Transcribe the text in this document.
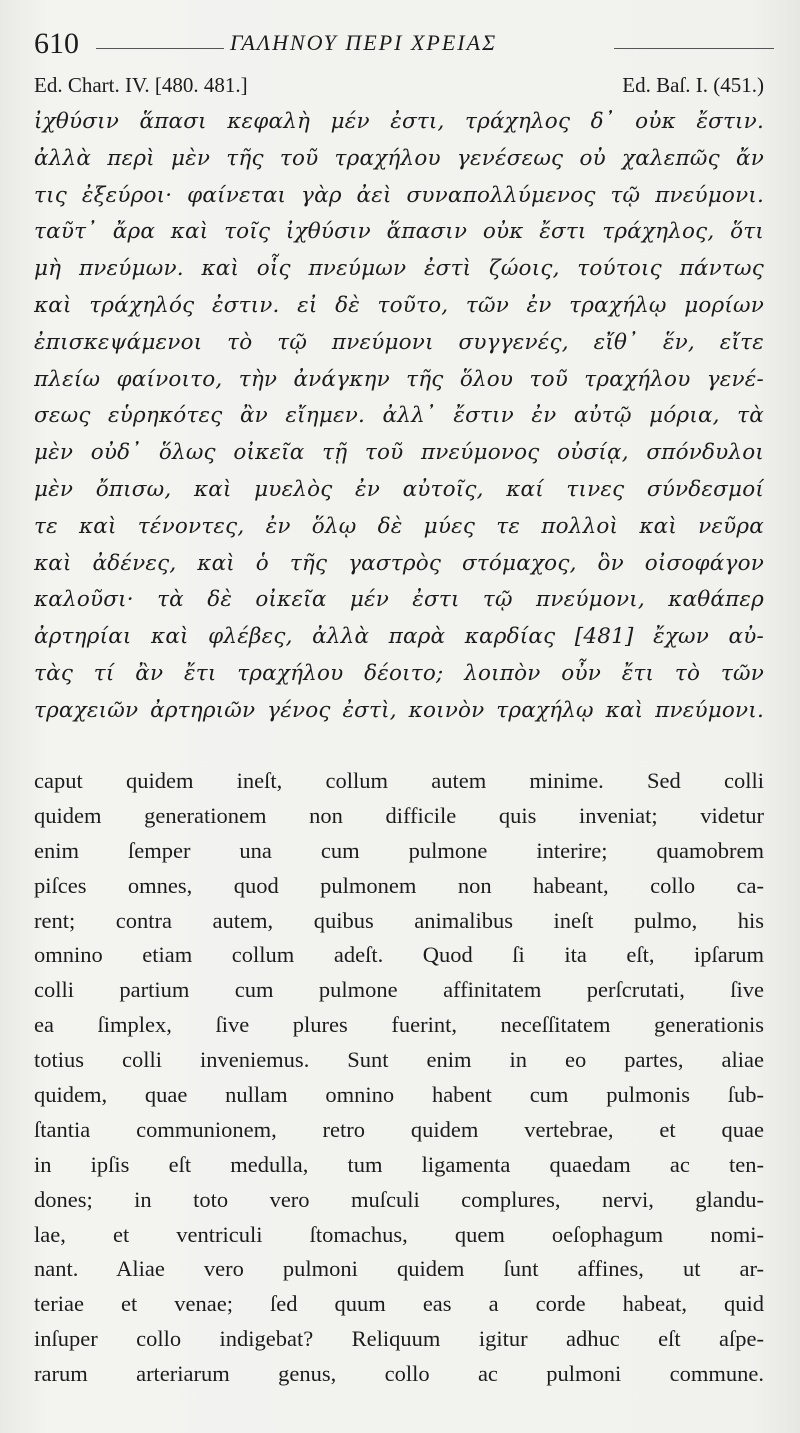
610	ΓΑΛΗΝΟΥ ΠΕΡΙ ΧΡΕΙΑΣ
Ed. Chart. IV. [480. 481.]	Ed. Baſ. I. (451.)
ἰχθύσιν ἅπασι κεφαλὴ μέν ἐστι, τράχηλος δ᾽ οὐκ ἔστιν.
ἀλλὰ περὶ μὲν τῆς τοῦ τραχήλου γενέσεως οὐ χαλεπῶς ἄν
τις ἐξεύροι· φαίνεται γὰρ ἀεὶ συναπολλύμενος τῷ πνεύμονι.
ταῦτ᾽ ἄρα καὶ τοῖς ἰχθύσιν ἅπασιν οὐκ ἔστι τράχηλος, ὅτι
μὴ πνεύμων. καὶ οἷς πνεύμων ἐστὶ ζώοις, τούτοις πάντως
καὶ τράχηλός ἐστιν. εἰ δὲ τοῦτο, τῶν ἐν τραχήλῳ μορίων
ἐπισκεψάμενοι τὸ τῷ πνεύμονι συγγενές, εἴθ᾽ ἕν, εἴτε
πλείω φαίνοιτο, τὴν ἀνάγκην τῆς ὅλου τοῦ τραχήλου γενέ-
σεως εὑρηκότες ἂν εἴημεν. ἀλλ᾽ ἔστιν ἐν αὐτῷ μόρια, τὰ
μὲν οὐδ᾽ ὅλως οἰκεῖα τῇ τοῦ πνεύμονος οὐσίᾳ, σπόνδυλοι
μὲν ὄπισω, καὶ μυελὸς ἐν αὐτοῖς, καί τινες σύνδεσμοί
τε καὶ τένοντες, ἐν ὅλῳ δὲ μύες τε πολλοὶ καὶ νεῦρα
καὶ ἀδένες, καὶ ὁ τῆς γαστρὸς στόμαχος, ὃν οἰσοφάγον
καλοῦσι· τὰ δὲ οἰκεῖα μέν ἐστι τῷ πνεύμονι, καθάπερ
ἀρτηρίαι καὶ φλέβες, ἀλλὰ παρὰ καρδίας [481] ἔχων αὐ-
τὰς τί ἂν ἔτι τραχήλου δέοιτο; λοιπὸν οὖν ἔτι τὸ τῶν
τραχειῶν ἀρτηριῶν γένος ἐστὶ, κοινὸν τραχήλῳ καὶ πνεύμονι.
caput quidem ineſt, collum autem minime. Sed colli
quidem generationem non difficile quis inveniat; videtur
enim ſemper una cum pulmone interire; quamobrem
piſces omnes, quod pulmonem non habeant, collo ca-
rent; contra autem, quibus animalibus ineſt pulmo, his
omnino etiam collum adeſt. Quod ſi ita eſt, ipſarum
colli partium cum pulmone affinitatem perſcrutati, ſive
ea ſimplex, ſive plures fuerint, neceſſitatem generationis
totius colli inveniemus. Sunt enim in eo partes, aliae
quidem, quae nullam omnino habent cum pulmonis ſub-
ſtantia communionem, retro quidem vertebrae, et quae
in ipſis eſt medulla, tum ligamenta quaedam ac ten-
dones; in toto vero muſculi complures, nervi, glandu-
lae, et ventriculi ſtomachus, quem oeſophagum nomi-
nant. Aliae vero pulmoni quidem ſunt affines, ut ar-
teriae et venae; ſed quum eas a corde habeat, quid
inſuper collo indigebat? Reliquum igitur adhuc eſt aſpe-
rarum arteriarum genus, collo ac pulmoni commune.
